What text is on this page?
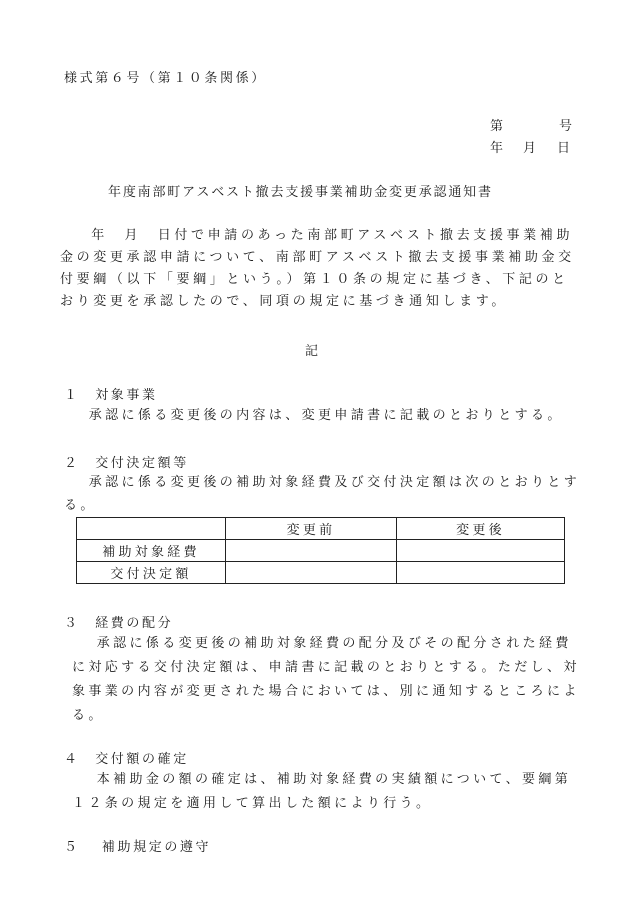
様式第６号（第１０条関係）
第	号
年 月 日
年度南部町アスベスト撤去支援事業補助金変更承認通知書
年　月　日付で申請のあった南部町アスベスト撤去支援事業補助金の変更承認申請について、南部町アスベスト撤去支援事業補助金交付要綱（以下「要綱」という。）第１０条の規定に基づき、下記のとおり変更を承認したので、同項の規定に基づき通知します。
記
１　対象事業
承認に係る変更後の内容は、変更申請書に記載のとおりとする。
２　交付決定額等
承認に係る変更後の補助対象経費及び交付決定額は次のとおりとする。
	変更前	変更後
補助対象経費		
交付決定額		
３　経費の配分
承認に係る変更後の補助対象経費の配分及びその配分された経費に対応する交付決定額は、申請書に記載のとおりとする。ただし、対象事業の内容が変更された場合においては、別に通知するところによる。
４　交付額の確定
本補助金の額の確定は、補助対象経費の実績額について、要綱第１２条の規定を適用して算出した額により行う。
５　 補助規定の遵守
